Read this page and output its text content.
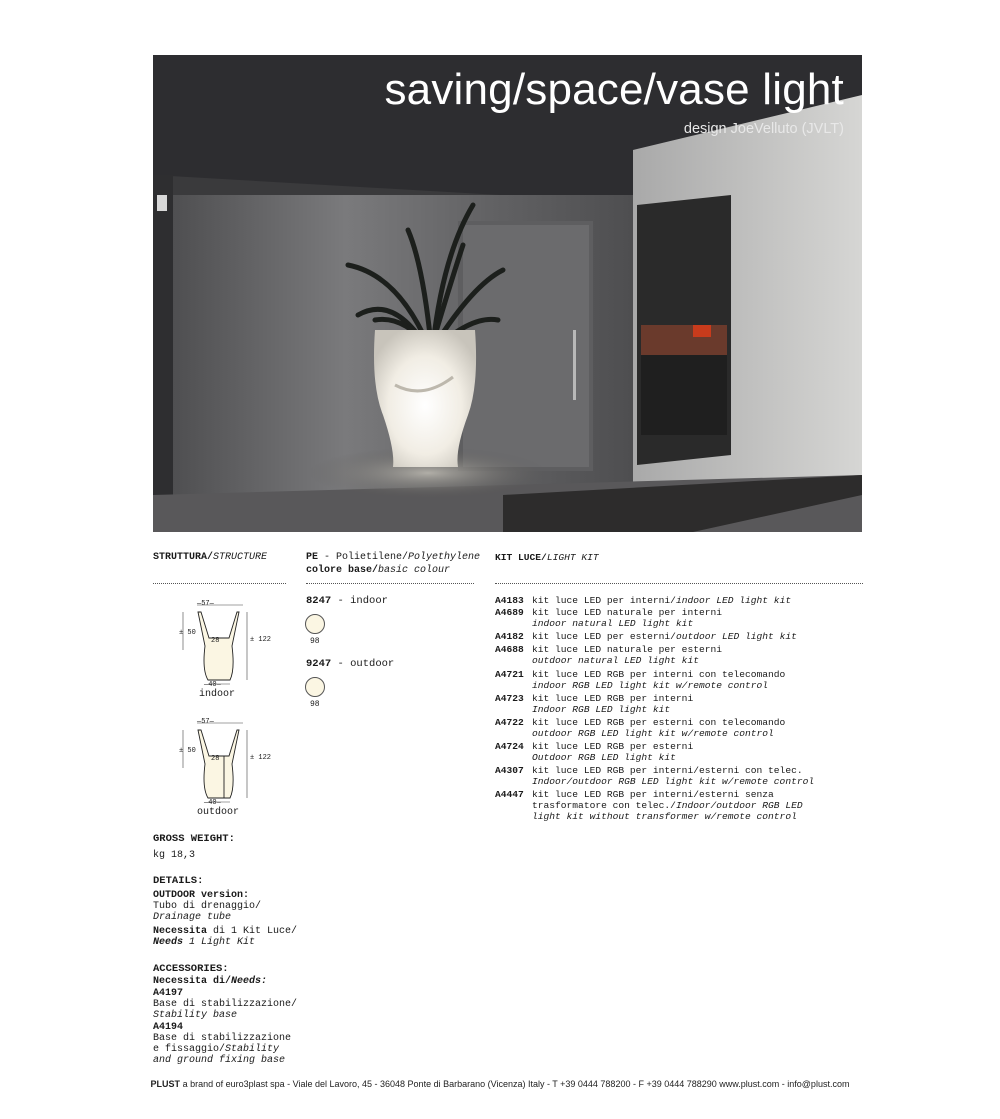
saving/space/vase light
design JoeVelluto (JVLT)
STRUTTURA/STRUCTURE
—57—
28
± 50
± 122
—40—
indoor
—57—
28
± 50
± 122
—40—
outdoor
GROSS WEIGHT:
kg 18,3
DETAILS:
OUTDOOR version:
Tubo di drenaggio/
Drainage tube
Necessita di 1 Kit Luce/
Needs 1 Light Kit
ACCESSORIES:
Necessita di/Needs:
A4197
Base di stabilizzazione/
Stability base
A4194
Base di stabilizzazione
e fissaggio/Stability
and ground fixing base
PE - Polietilene/Polyethylene
colore base/basic colour
8247 - indoor
98
9247 - outdoor
98
KIT LUCE/LIGHT KIT
A4183 kit luce LED per interni/indoor LED light kit
A4689 kit luce LED naturale per interni
indoor natural LED light kit
A4182 kit luce LED per esterni/outdoor LED light kit
A4688 kit luce LED naturale per esterni
outdoor natural LED light kit
A4721 kit luce LED RGB per interni con telecomando
indoor RGB LED light kit w/remote control
A4723 kit luce LED RGB per interni
Indoor RGB LED light kit
A4722 kit luce LED RGB per esterni con telecomando
outdoor RGB LED light kit w/remote control
A4724 kit luce LED RGB per esterni
Outdoor RGB LED light kit
A4307 kit luce LED RGB per interni/esterni con telec.
Indoor/outdoor RGB LED light kit w/remote control
A4447 kit luce LED RGB per interni/esterni senza
trasformatore con telec./Indoor/outdoor RGB LED
light kit without transformer w/remote control
PLUST a brand of euro3plast spa - Viale del Lavoro, 45 - 36048 Ponte di Barbarano (Vicenza) Italy - T +39 0444 788200 - F +39 0444 788290 www.plust.com - info@plust.com
